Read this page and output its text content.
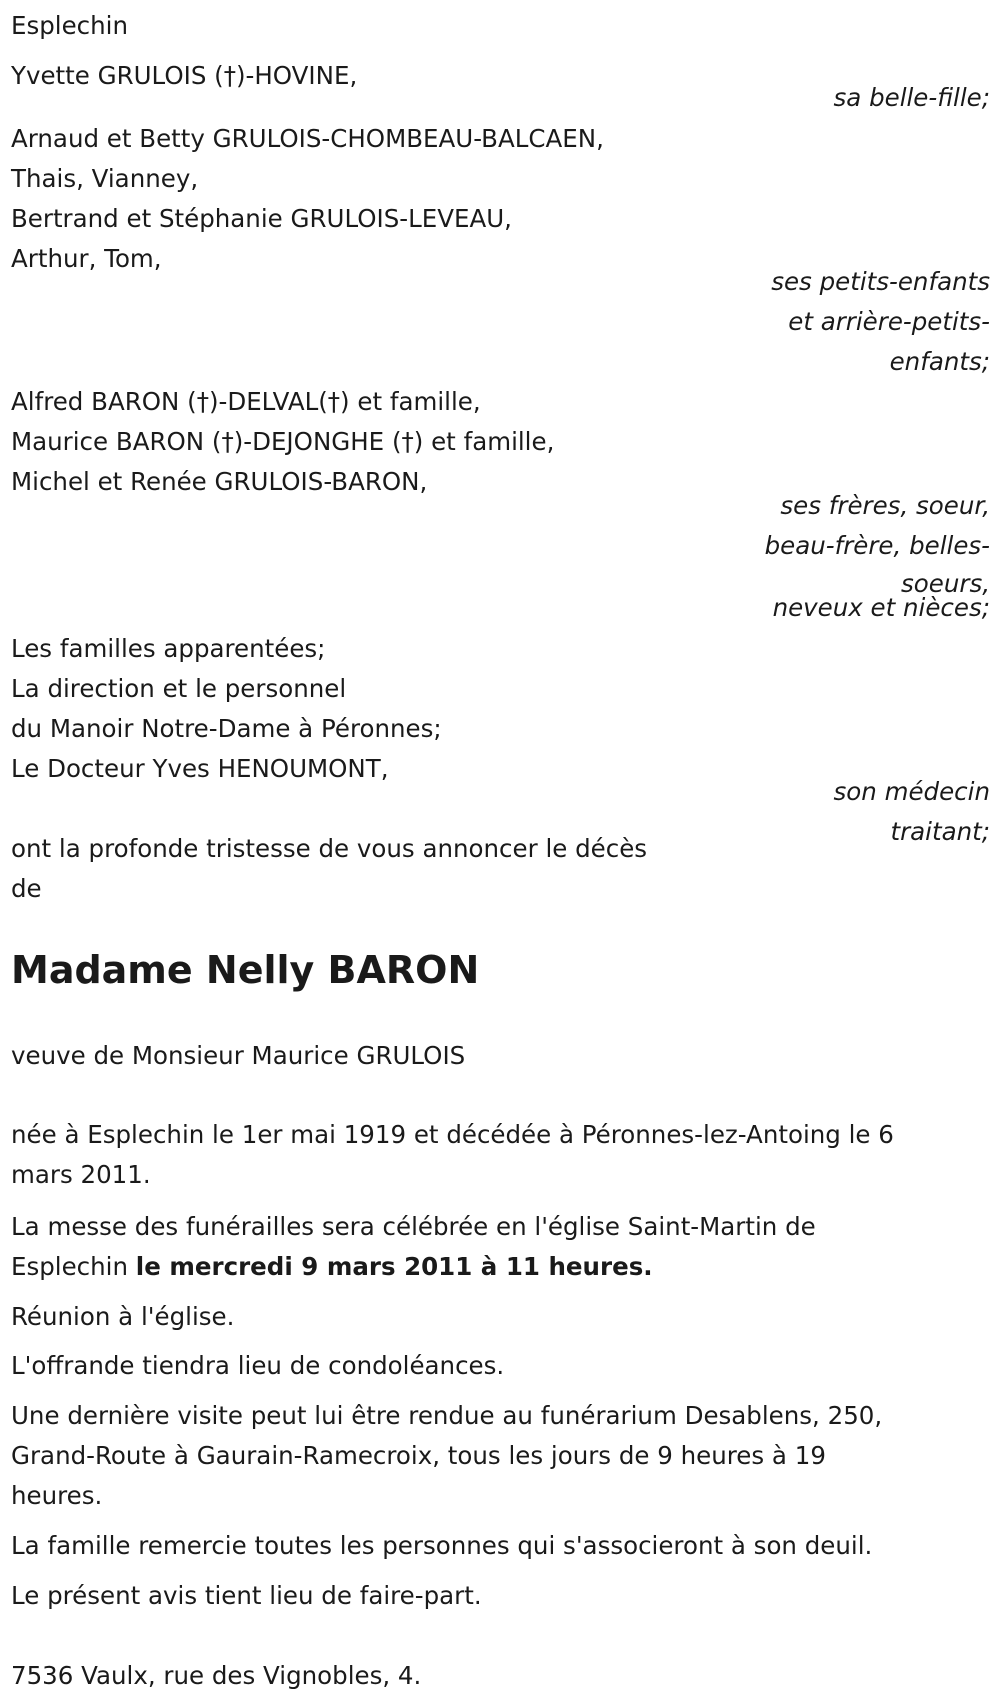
Esplechin
Yvette GRULOIS (†)-HOVINE,
sa belle-fille;
Arnaud et Betty GRULOIS-CHOMBEAU-BALCAEN,
Thais, Vianney,
Bertrand et Stéphanie GRULOIS-LEVEAU,
Arthur, Tom,
ses petits-enfants
et arrière-petits-
enfants;
Alfred BARON (†)-DELVAL(†) et famille,
Maurice BARON (†)-DEJONGHE (†) et famille,
Michel et Renée GRULOIS-BARON,
ses frères, soeur,
beau-frère, belles-
soeurs,
neveux et nièces;
Les familles apparentées;
La direction et le personnel
du Manoir Notre-Dame à Péronnes;
Le Docteur Yves HENOUMONT,
son médecin
traitant;
ont la profonde tristesse de vous annoncer le décès
de
Madame Nelly BARON
veuve de Monsieur Maurice GRULOIS
née à Esplechin le 1er mai 1919 et décédée à Péronnes-lez-Antoing le 6
mars 2011.
La messe des funérailles sera célébrée en l'église Saint-Martin de
Esplechin le mercredi 9 mars 2011 à 11 heures.
Réunion à l'église.
L'offrande tiendra lieu de condoléances.
Une dernière visite peut lui être rendue au funérarium Desablens, 250,
Grand-Route à Gaurain-Ramecroix, tous les jours de 9 heures à 19
heures.
La famille remercie toutes les personnes qui s'associeront à son deuil.
Le présent avis tient lieu de faire-part.
7536 Vaulx, rue des Vignobles, 4.
